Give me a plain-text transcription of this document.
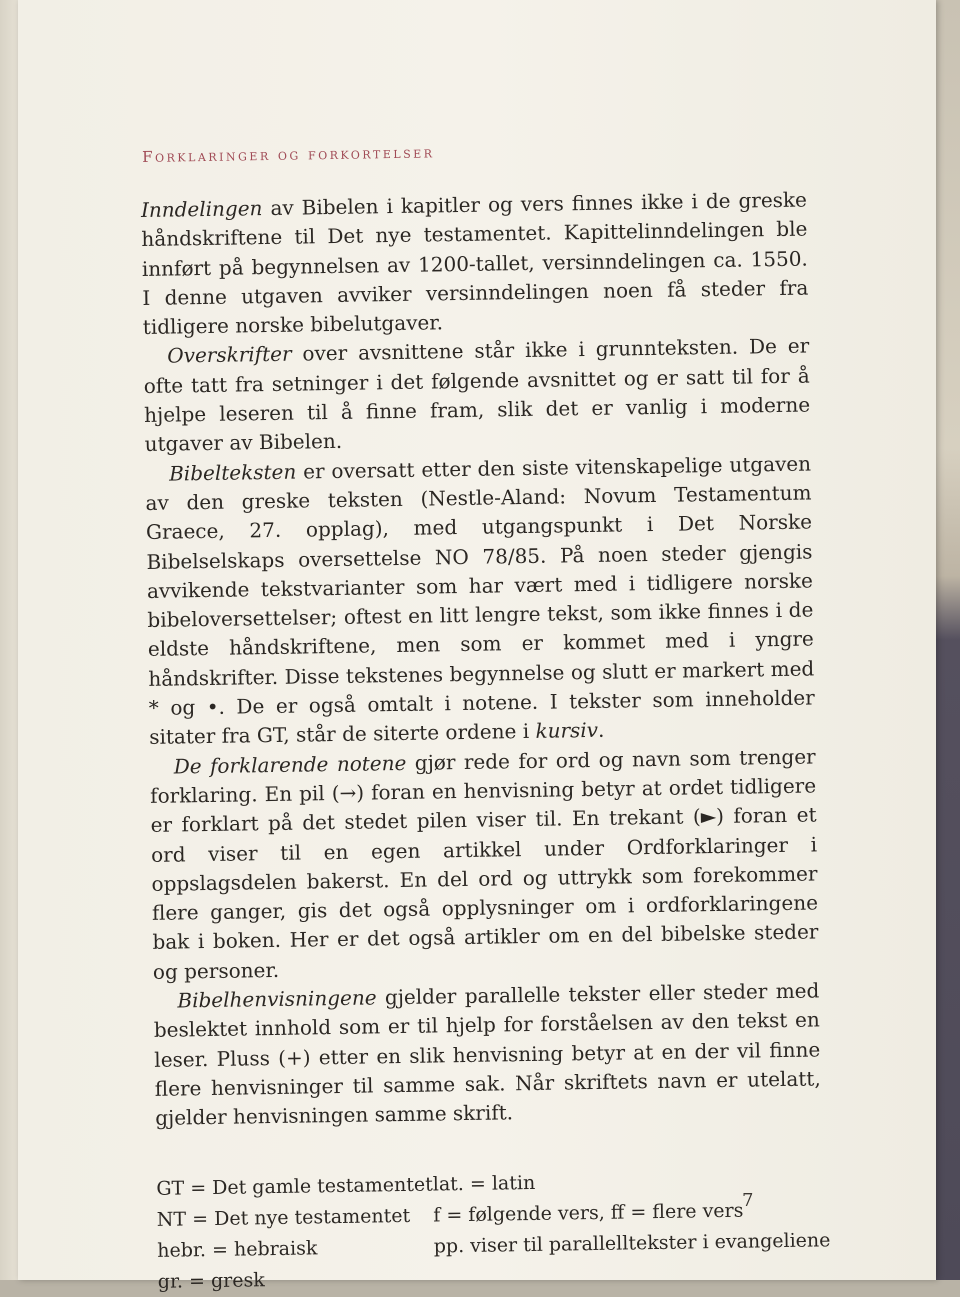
Forklaringer og forkortelser

Inndelingen av Bibelen i kapitler og vers finnes ikke i de greske håndskriftene til Det nye testamentet. Kapittelinndelingen ble innført på begynnelsen av 1200-tallet, versinndelingen ca. 1550. I denne utgaven avviker versinndelingen noen få steder fra tidligere norske bibelutgaver.

Overskrifter over avsnittene står ikke i grunnteksten. De er ofte tatt fra setninger i det følgende avsnittet og er satt til for å hjelpe leseren til å finne fram, slik det er vanlig i moderne utgaver av Bibelen.

Bibelteksten er oversatt etter den siste vitenskapelige utgaven av den greske teksten (Nestle-Aland: Novum Testamentum Graece, 27. opplag), med utgangspunkt i Det Norske Bibelselskaps oversettelse NO 78/85. På noen steder gjengis avvikende tekstvarianter som har vært med i tidligere norske bibeloversettelser; oftest en litt lengre tekst, som ikke finnes i de eldste håndskriftene, men som er kommet med i yngre håndskrifter. Disse tekstenes begynnelse og slutt er markert med * og •. De er også omtalt i notene. I tekster som inneholder sitater fra GT, står de siterte ordene i kursiv.

De forklarende notene gjør rede for ord og navn som trenger forklaring. En pil (→) foran en henvisning betyr at ordet tidligere er forklart på det stedet pilen viser til. En trekant (►) foran et ord viser til en egen artikkel under Ordforklaringer i oppslagsdelen bakerst. En del ord og uttrykk som forekommer flere ganger, gis det også opplysninger om i ordforklaringene bak i boken. Her er det også artikler om en del bibelske steder og personer.

Bibelhenvisningene gjelder parallelle tekster eller steder med beslektet innhold som er til hjelp for forståelsen av den tekst en leser. Pluss (+) etter en slik henvisning betyr at en der vil finne flere henvisninger til samme sak. Når skriftets navn er utelatt, gjelder henvisningen samme skrift.

GT = Det gamle testamentet
NT = Det nye testamentet
hebr. = hebraisk
gr. = gresk
lat. = latin
f = følgende vers, ff = flere vers
pp. viser til parallelltekster i evangeliene
7
